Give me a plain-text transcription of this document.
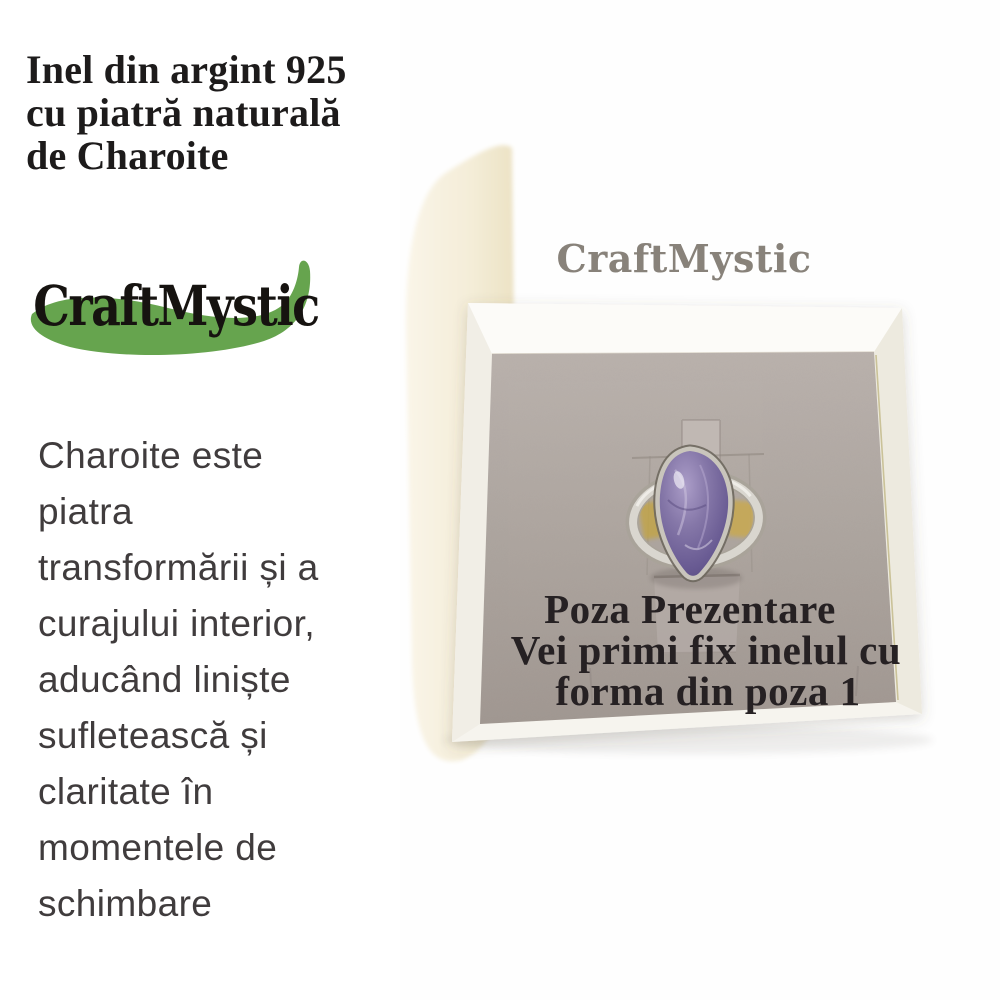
Inel din argint 925
cu piatră naturală
de Charoite
CraftMystic
Charoite este
piatra
transformării și a
curajului interior,
aducând liniște
sufletească și
claritate în
momentele de
schimbare
CraftMystic
Poza Prezentare
Vei primi fix inelul cu
forma din poza 1
